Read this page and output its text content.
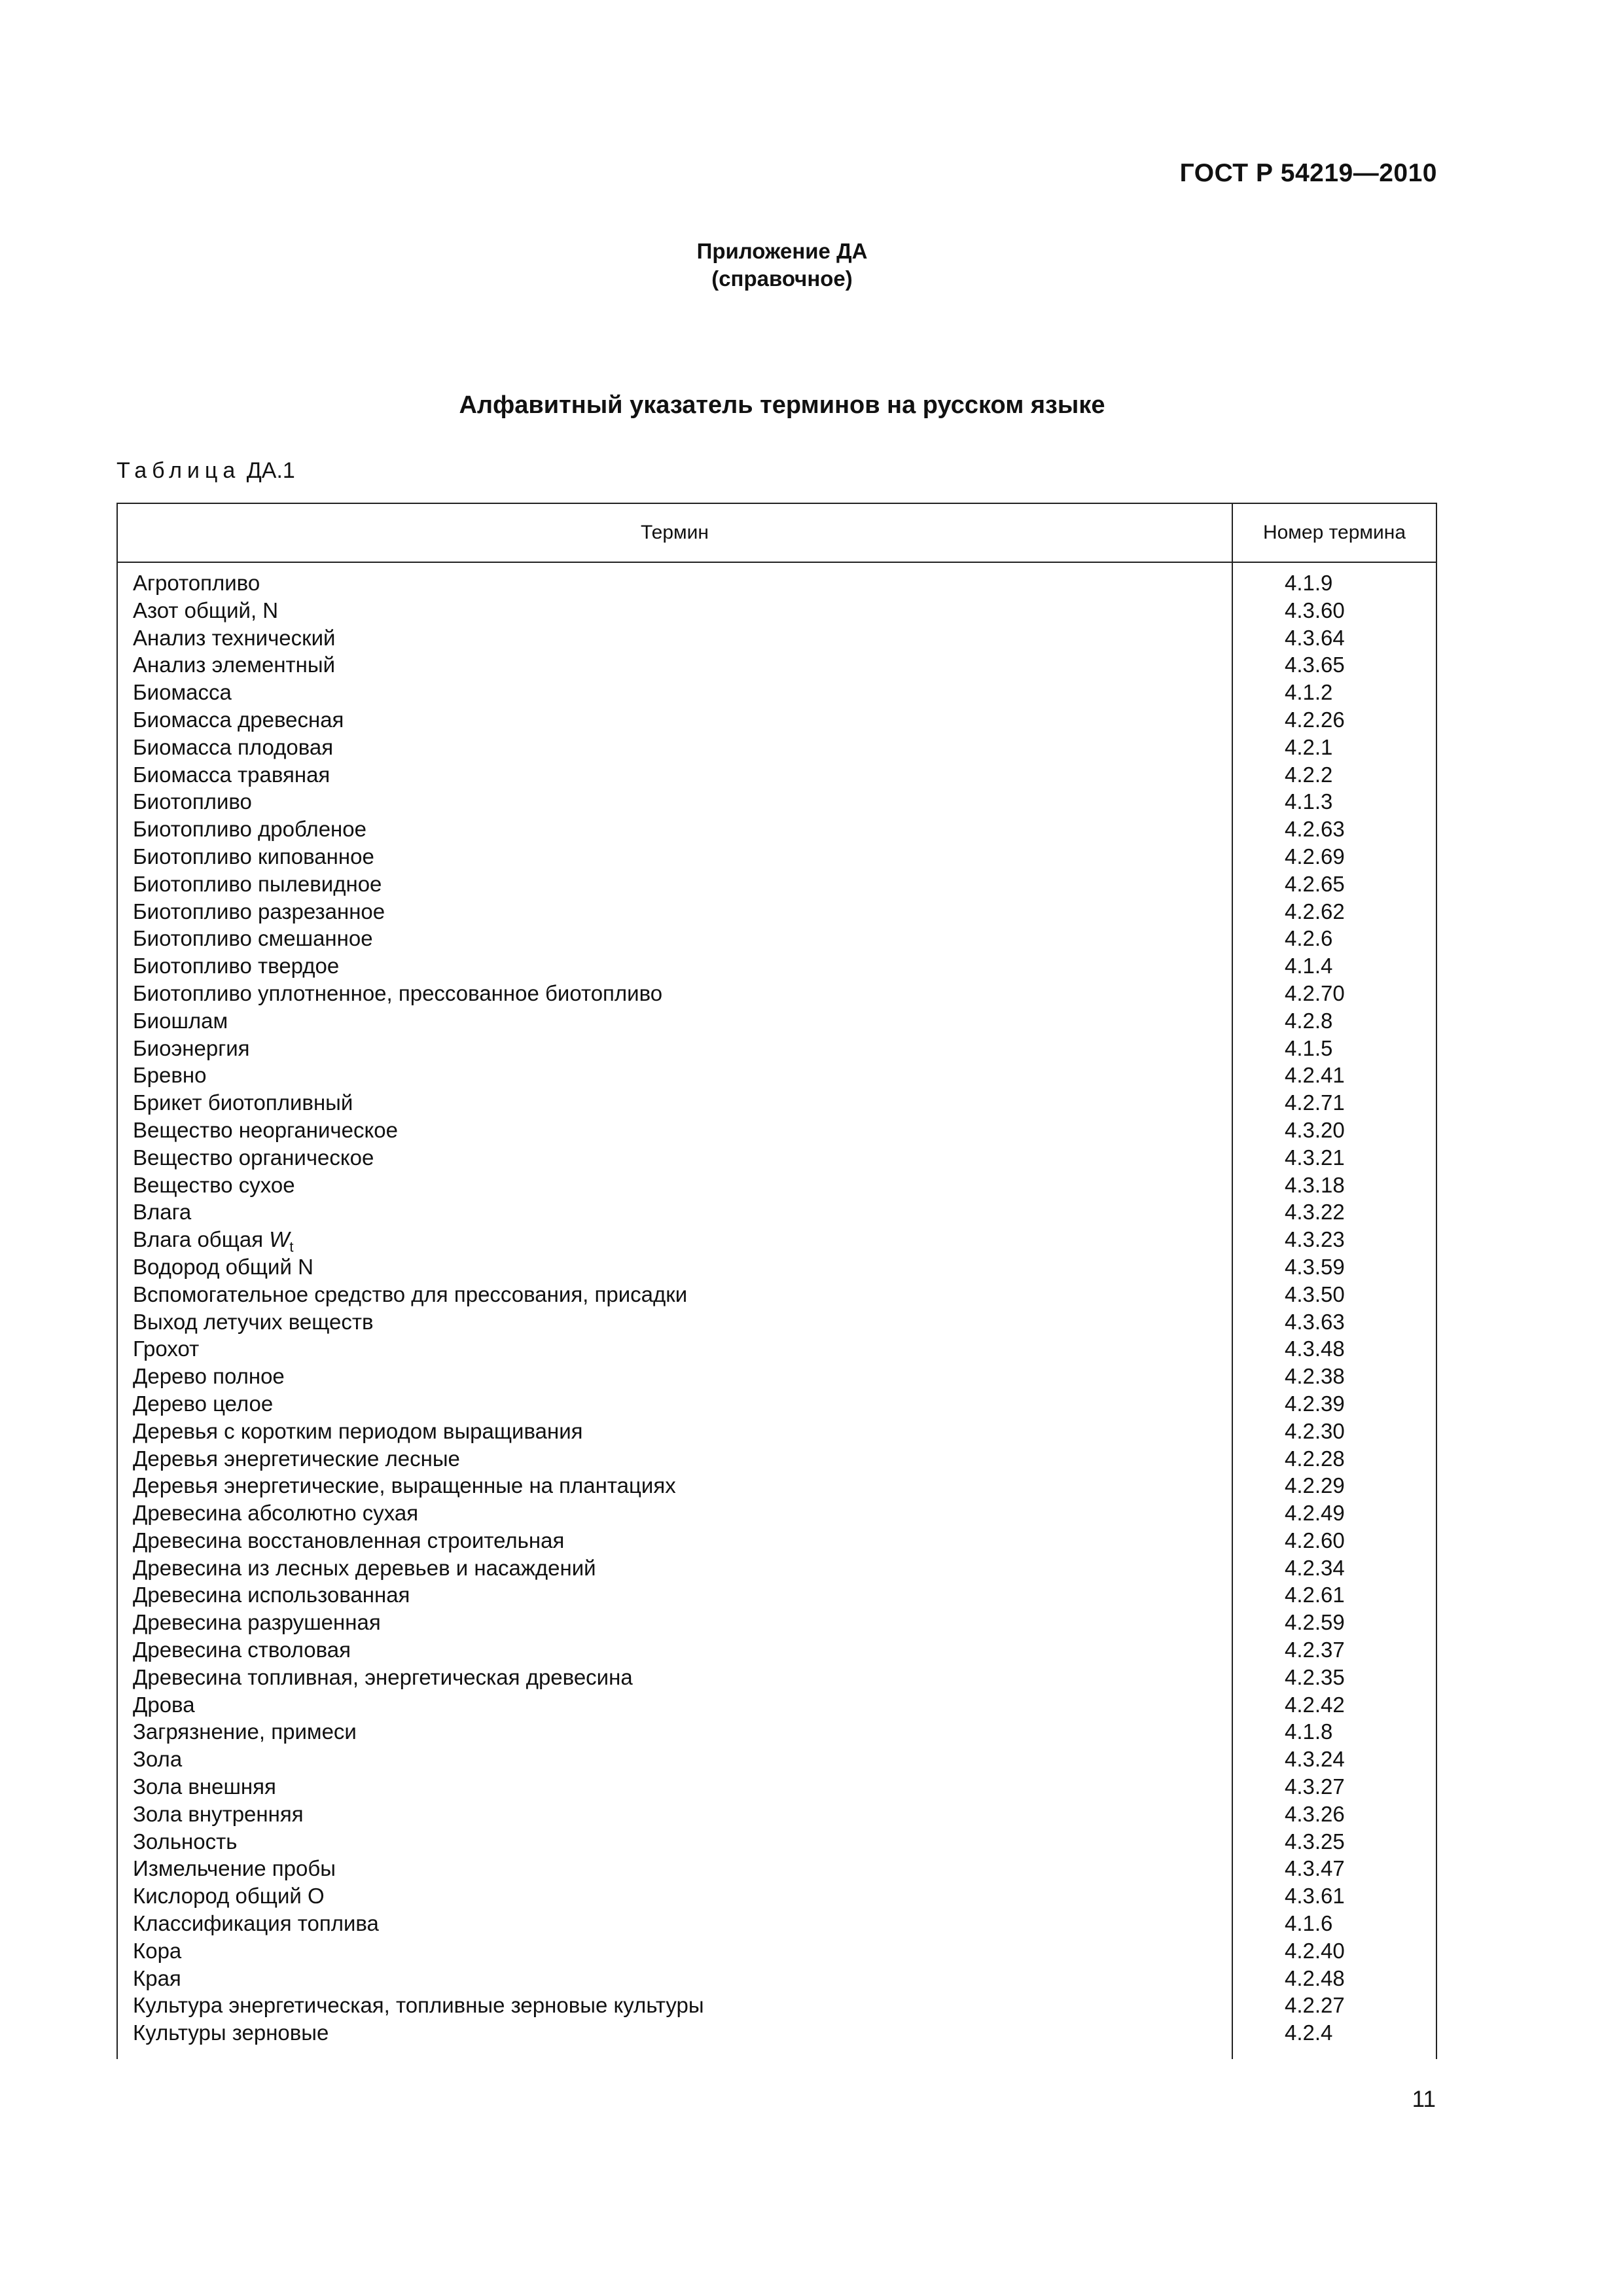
ГОСТ Р 54219—2010
Приложение ДА
(справочное)
Алфавитный указатель терминов на русском языке
Таблица ДА.1
Термин	Номер термина
Агротопливо	4.1.9
Азот общий, N	4.3.60
Анализ технический	4.3.64
Анализ элементный	4.3.65
Биомасса	4.1.2
Биомасса древесная	4.2.26
Биомасса плодовая	4.2.1
Биомасса травяная	4.2.2
Биотопливо	4.1.3
Биотопливо дробленое	4.2.63
Биотопливо кипованное	4.2.69
Биотопливо пылевидное	4.2.65
Биотопливо разрезанное	4.2.62
Биотопливо смешанное	4.2.6
Биотопливо твердое	4.1.4
Биотопливо уплотненное, прессованное биотопливо	4.2.70
Биошлам	4.2.8
Биоэнергия	4.1.5
Бревно	4.2.41
Брикет биотопливный	4.2.71
Вещество неорганическое	4.3.20
Вещество органическое	4.3.21
Вещество сухое	4.3.18
Влага	4.3.22
Влага общая $W_t$	4.3.23
Водород общий N	4.3.59
Вспомогательное средство для прессования, присадки	4.3.50
Выход летучих веществ	4.3.63
Грохот	4.3.48
Дерево полное	4.2.38
Дерево целое	4.2.39
Деревья с коротким периодом выращивания	4.2.30
Деревья энергетические лесные	4.2.28
Деревья энергетические, выращенные на плантациях	4.2.29
Древесина абсолютно сухая	4.2.49
Древесина восстановленная строительная	4.2.60
Древесина из лесных деревьев и насаждений	4.2.34
Древесина использованная	4.2.61
Древесина разрушенная	4.2.59
Древесина стволовая	4.2.37
Древесина топливная, энергетическая древесина	4.2.35
Дрова	4.2.42
Загрязнение, примеси	4.1.8
Зола	4.3.24
Зола внешняя	4.3.27
Зола внутренняя	4.3.26
Зольность	4.3.25
Измельчение пробы	4.3.47
Кислород общий О	4.3.61
Классификация топлива	4.1.6
Кора	4.2.40
Края	4.2.48
Культура энергетическая, топливные зерновые культуры	4.2.27
Культуры зерновые	4.2.4
11
